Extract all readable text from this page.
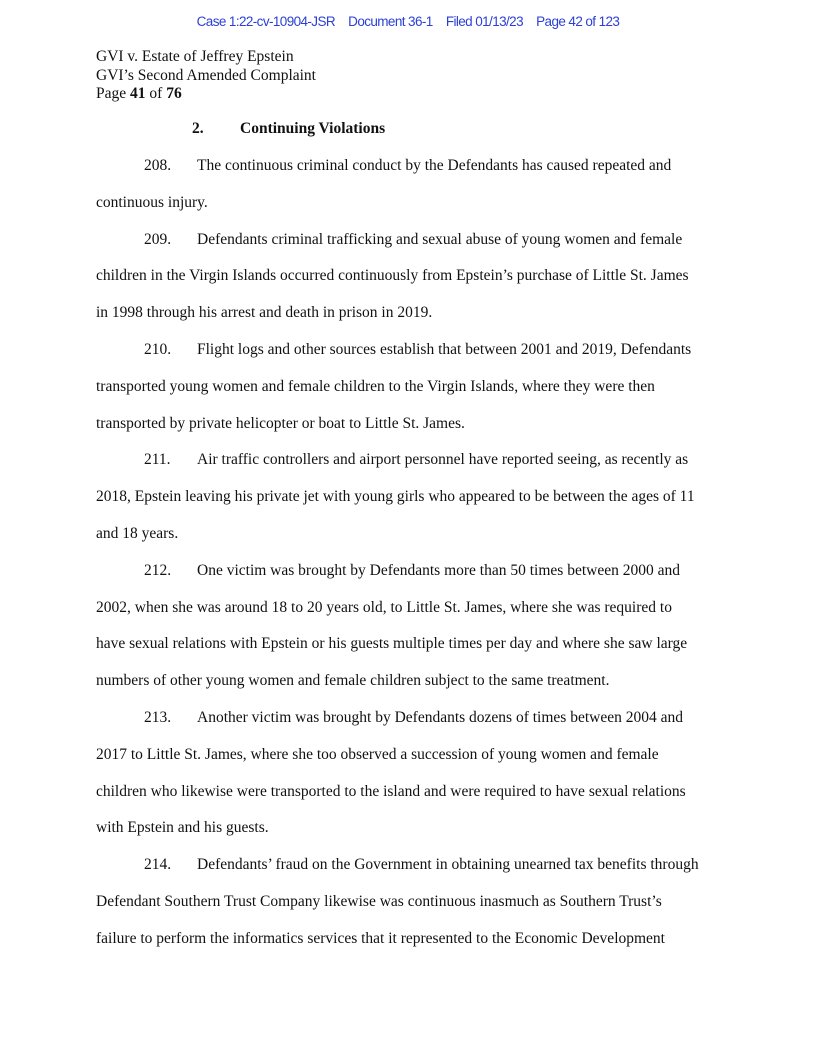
Case 1:22-cv-10904-JSR Document 36-1 Filed 01/13/23 Page 42 of 123
GVI v. Estate of Jeffrey Epstein
GVI’s Second Amended Complaint
Page 41 of 76
2. Continuing Violations
208. The continuous criminal conduct by the Defendants has caused repeated and
continuous injury.
209. Defendants criminal trafficking and sexual abuse of young women and female
children in the Virgin Islands occurred continuously from Epstein’s purchase of Little St. James
in 1998 through his arrest and death in prison in 2019.
210. Flight logs and other sources establish that between 2001 and 2019, Defendants
transported young women and female children to the Virgin Islands, where they were then
transported by private helicopter or boat to Little St. James.
211. Air traffic controllers and airport personnel have reported seeing, as recently as
2018, Epstein leaving his private jet with young girls who appeared to be between the ages of 11
and 18 years.
212. One victim was brought by Defendants more than 50 times between 2000 and
2002, when she was around 18 to 20 years old, to Little St. James, where she was required to
have sexual relations with Epstein or his guests multiple times per day and where she saw large
numbers of other young women and female children subject to the same treatment.
213. Another victim was brought by Defendants dozens of times between 2004 and
2017 to Little St. James, where she too observed a succession of young women and female
children who likewise were transported to the island and were required to have sexual relations
with Epstein and his guests.
214. Defendants’ fraud on the Government in obtaining unearned tax benefits through
Defendant Southern Trust Company likewise was continuous inasmuch as Southern Trust’s
failure to perform the informatics services that it represented to the Economic Development
